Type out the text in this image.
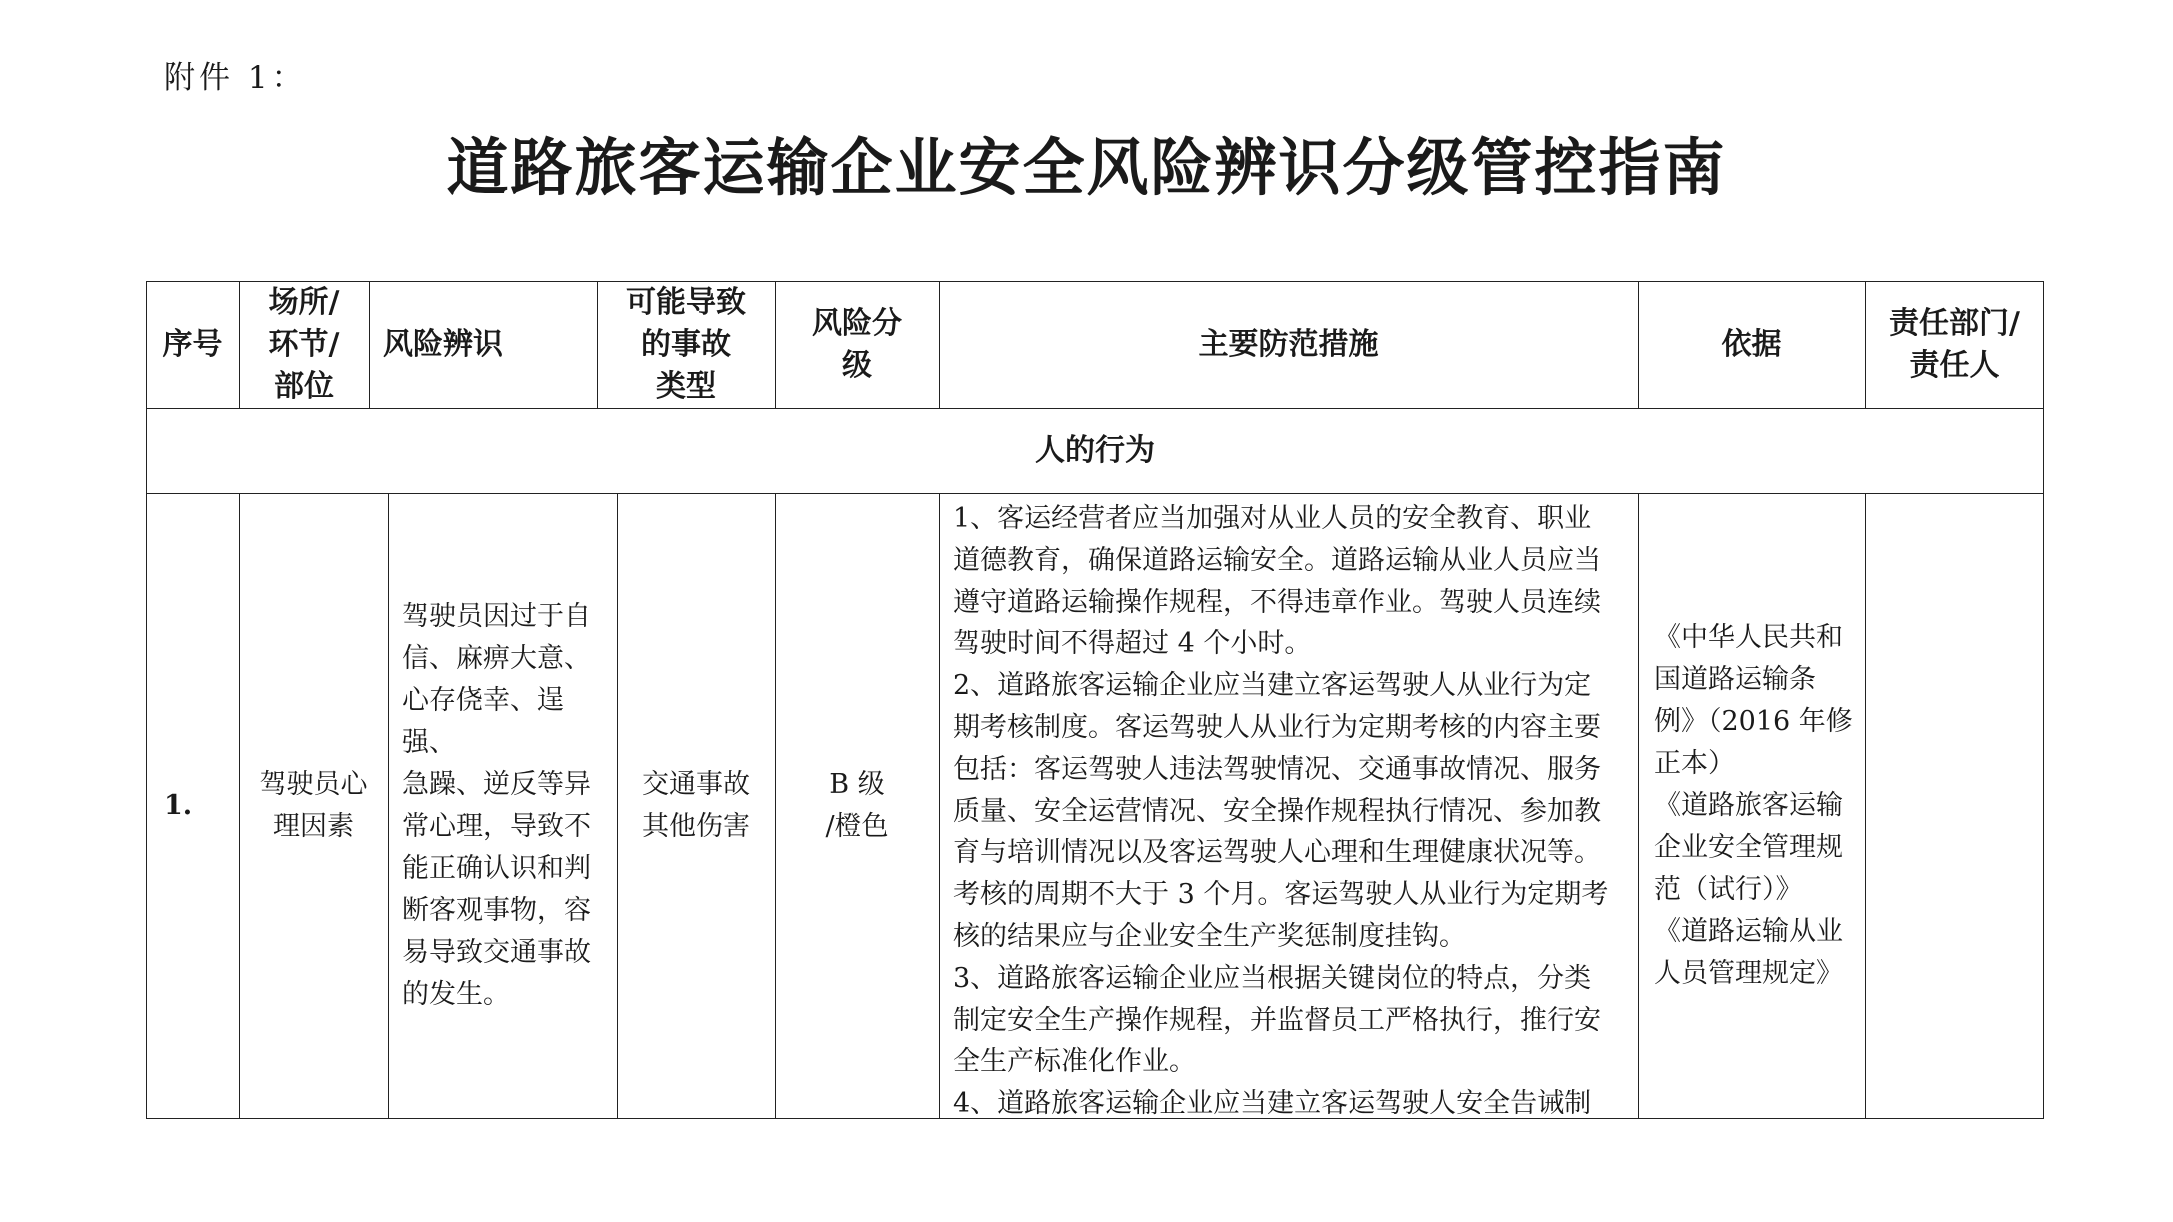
附件 1：
道路旅客运输企业安全风险辨识分级管控指南
序号
场所/
环节/
部位
风险辨识
可能导致
的事故
类型
风险分
级
主要防范措施	依据
责任部门/
责任人
人的行为
1.
驾驶员心
理因素
驾驶员因过于自
信、麻痹大意、
心存侥幸、逞强、
急躁、逆反等异
常心理，导致不
能正确认识和判
断客观事物，容
易导致交通事故
的发生。
交通事故
其他伤害
B 级
/橙色
1、客运经营者应当加强对从业人员的安全教育、职业
道德教育，确保道路运输安全。道路运输从业人员应当
遵守道路运输操作规程，不得违章作业。驾驶人员连续
驾驶时间不得超过 4 个小时。
2、道路旅客运输企业应当建立客运驾驶人从业行为定
期考核制度。客运驾驶人从业行为定期考核的内容主要
包括：客运驾驶人违法驾驶情况、交通事故情况、服务
质量、安全运营情况、安全操作规程执行情况、参加教
育与培训情况以及客运驾驶人心理和生理健康状况等。
考核的周期不大于 3 个月。客运驾驶人从业行为定期考
核的结果应与企业安全生产奖惩制度挂钩。
3、道路旅客运输企业应当根据关键岗位的特点，分类
制定安全生产操作规程，并监督员工严格执行，推行安
全生产标准化作业。
4、道路旅客运输企业应当建立客运驾驶人安全告诫制
《中华人民共和
国道路运输条
例》（2016 年修
正本）
《道路旅客运输
企业安全管理规
范（试行）》
《道路运输从业
人员管理规定》
